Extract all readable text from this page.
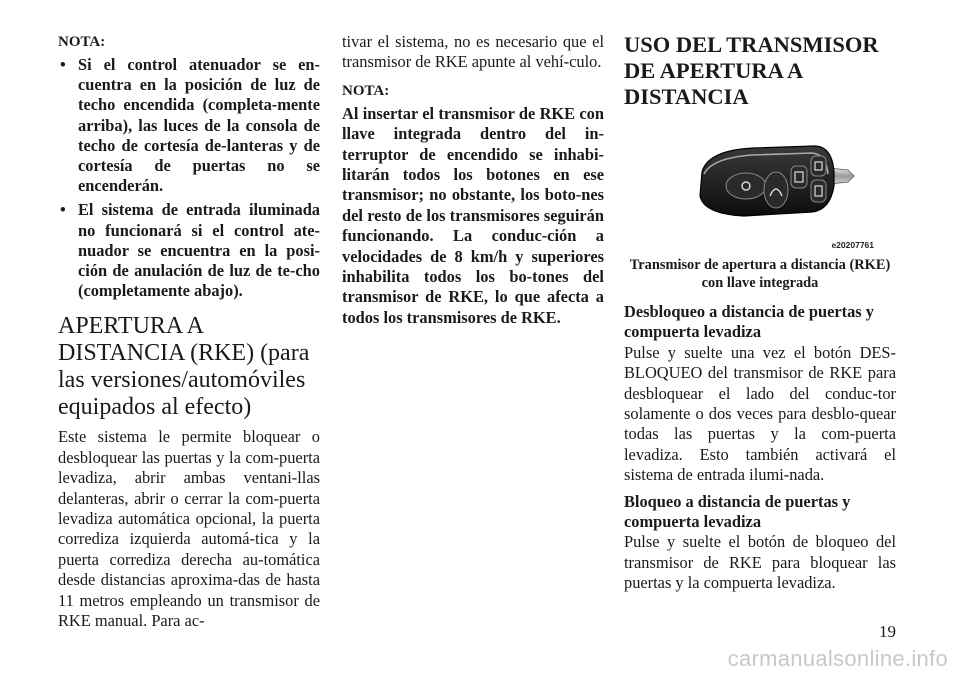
NOTA:
• Si el control atenuador se en-cuentra en la posición de luz de techo encendida (completa-mente arriba), las luces de la consola de techo de cortesía de-lanteras y de cortesía de puertas no se encenderán.
• El sistema de entrada iluminada no funcionará si el control ate-nuador se encuentra en la posi-ción de anulación de luz de te-cho (completamente abajo).
APERTURA A DISTANCIA (RKE) (para las versiones/automóviles equipados al efecto)

Este sistema le permite bloquear o desbloquear las puertas y la com-puerta levadiza, abrir ambas ventani-llas delanteras, abrir o cerrar la com-puerta levadiza automática opcional, la puerta corrediza izquierda automá-tica y la puerta corrediza derecha au-tomática desde distancias aproxima-das de hasta 11 metros empleando un transmisor de RKE manual. Para ac-

tivar el sistema, no es necesario que el transmisor de RKE apunte al vehí-culo.

NOTA:

Al insertar el transmisor de RKE con llave integrada dentro del in-terruptor de encendido se inhabi-litarán todos los botones en ese transmisor; no obstante, los boto-nes del resto de los transmisores seguirán funcionando. La conduc-ción a velocidades de 8 km/h y superiores inhabilita todos los bo-tones del transmisor de RKE, lo que afecta a todos los transmisores de RKE.

USO DEL TRANSMISOR DE APERTURA A DISTANCIA
e20207761
Transmisor de apertura a distancia (RKE) con llave integrada
Desbloqueo a distancia de puertas y compuerta levadiza

Pulse y suelte una vez el botón DES-BLOQUEO del transmisor de RKE para desbloquear el lado del conduc-tor solamente o dos veces para desblo-quear todas las puertas y la com-puerta levadiza. Esto también activará el sistema de entrada ilumi-nada.

Bloqueo a distancia de puertas y compuerta levadiza

Pulse y suelte el botón de bloqueo del transmisor de RKE para bloquear las puertas y la compuerta levadiza.

19
carmanualsonline.info
